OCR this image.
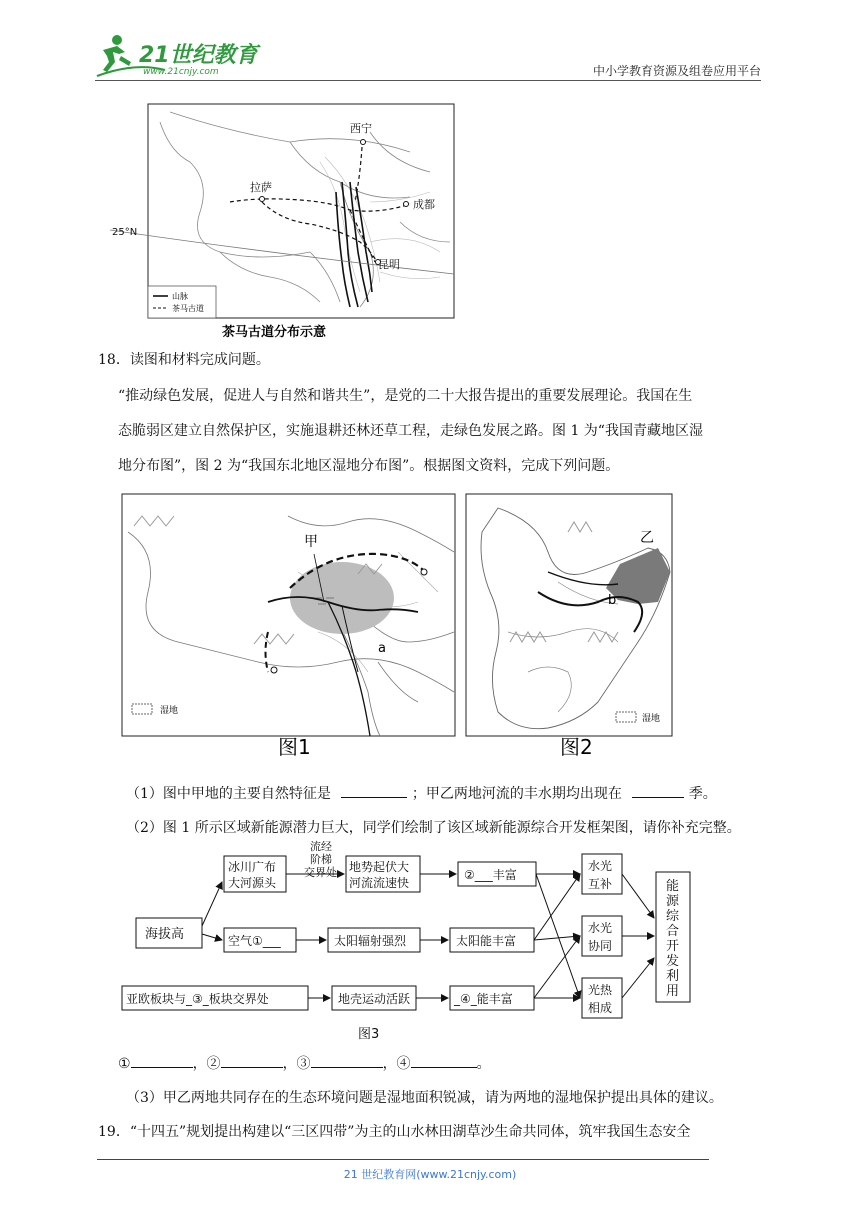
21世纪教育
www.21cnjy.com	中小学教育资源及组卷应用平台
西宁
拉萨
成都
昆明
25°N
山脉
茶马古道
茶马古道分布示意
18．读图和材料完成问题。
“推动绿色发展，促进人与自然和谐共生”，是党的二十大报告提出的重要发展理论。我国在生
态脆弱区建立自然保护区，实施退耕还林还草工程，走绿色发展之路。图 1 为“我国青藏地区湿
地分布图”，图 2 为“我国东北地区湿地分布图”。根据图文资料，完成下列问题。
甲
a
湿地
图1
乙
b
湿地
图2
（1）图中甲地的主要自然特征是	；甲乙两地河流的丰水期均出现在	季。
（2）图 1 所示区域新能源潜力巨大，同学们绘制了该区域新能源综合开发框架图，请你补充完整。
海拔高
冰川广布
大河源头
流经
阶梯
交界处 地势起伏大
河流流速快
②___丰富
空气①___	太阳辐射强烈	太阳能丰富
亚欧板块与_③_板块交界处	地壳运动活跃	_④_能丰富
水光
互补
水光
协同
光热
相成
能源综合开发利用
图3
①	，②	，③	，④	。
（3）甲乙两地共同存在的生态环境问题是湿地面积锐减，请为两地的湿地保护提出具体的建议。
19．“十四五”规划提出构建以“三区四带”为主的山水林田湖草沙生命共同体，筑牢我国生态安全
21 世纪教育网(www.21cnjy.com)
